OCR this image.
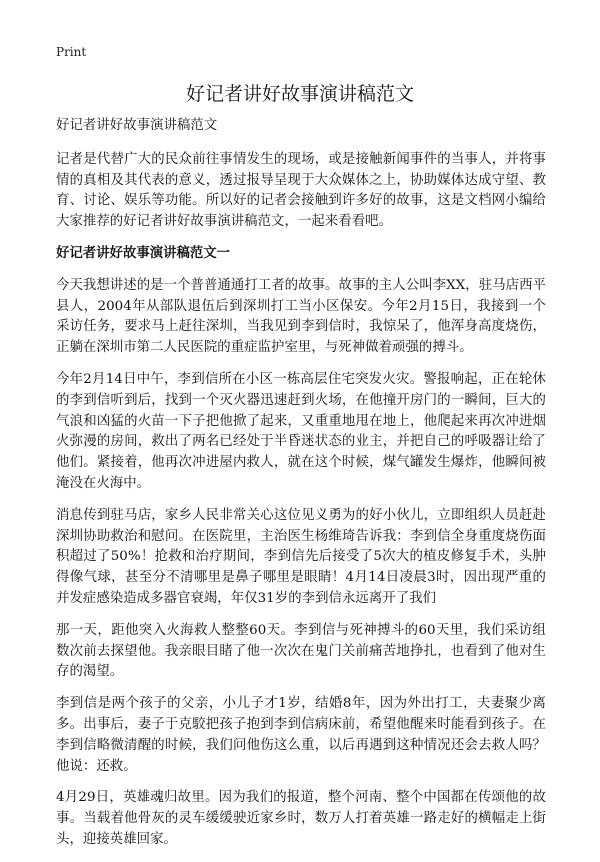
Print
好记者讲好故事演讲稿范文

好记者讲好故事演讲稿范文

记者是代替广大的民众前往事情发生的现场，或是接触新闻事件的当事人，并将事情的真相及其代表的意义，透过报导呈现于大众媒体之上，协助媒体达成守望、教育、讨论、娱乐等功能。所以好的记者会接触到许多好的故事，这是文档网小编给大家推荐的好记者讲好故事演讲稿范文，一起来看看吧。

好记者讲好故事演讲稿范文一

今天我想讲述的是一个普普通通打工者的故事。故事的主人公叫李XX，驻马店西平县人，2004年从部队退伍后到深圳打工当小区保安。今年2月15日，我接到一个采访任务，要求马上赶往深圳，当我见到李到信时，我惊呆了，他浑身高度烧伤，正躺在深圳市第二人民医院的重症监护室里，与死神做着顽强的搏斗。

今年2月14日中午，李到信所在小区一栋高层住宅突发火灾。警报响起，正在轮休的李到信听到后，找到一个灭火器迅速赶到火场，在他撞开房门的一瞬间，巨大的气浪和凶猛的火苗一下子把他掀了起来，又重重地甩在地上，他爬起来再次冲进烟火弥漫的房间，救出了两名已经处于半昏迷状态的业主，并把自己的呼吸器让给了他们。紧接着，他再次冲进屋内救人，就在这个时候，煤气罐发生爆炸，他瞬间被淹没在火海中。

消息传到驻马店，家乡人民非常关心这位见义勇为的好小伙儿，立即组织人员赶赴深圳协助救治和慰问。在医院里，主治医生杨维琦告诉我：李到信全身重度烧伤面积超过了50%！抢救和治疗期间，李到信先后接受了5次大的植皮修复手术，头肿得像气球，甚至分不清哪里是鼻子哪里是眼睛！4月14日凌晨3时，因出现严重的并发症感染造成多器官衰竭，年仅31岁的李到信永远离开了我们

那一天，距他突入火海救人整整60天。李到信与死神搏斗的60天里，我们采访组数次前去探望他。我亲眼目睹了他一次次在鬼门关前痛苦地挣扎，也看到了他对生存的渴望。

李到信是两个孩子的父亲，小儿子才1岁，结婚8年，因为外出打工，夫妻聚少离多。出事后，妻子于克駮把孩子抱到李到信病床前，希望他醒来时能看到孩子。在李到信略微清醒的时候，我们问他伤这么重，以后再遇到这种情况还会去救人吗？他说：还救。

4月29日，英雄魂归故里。因为我们的报道，整个河南、整个中国都在传颂他的故事。当载着他骨灰的灵车缓缓驶近家乡时，数万人打着英雄一路走好的横幅走上街头，迎接英雄回家。
